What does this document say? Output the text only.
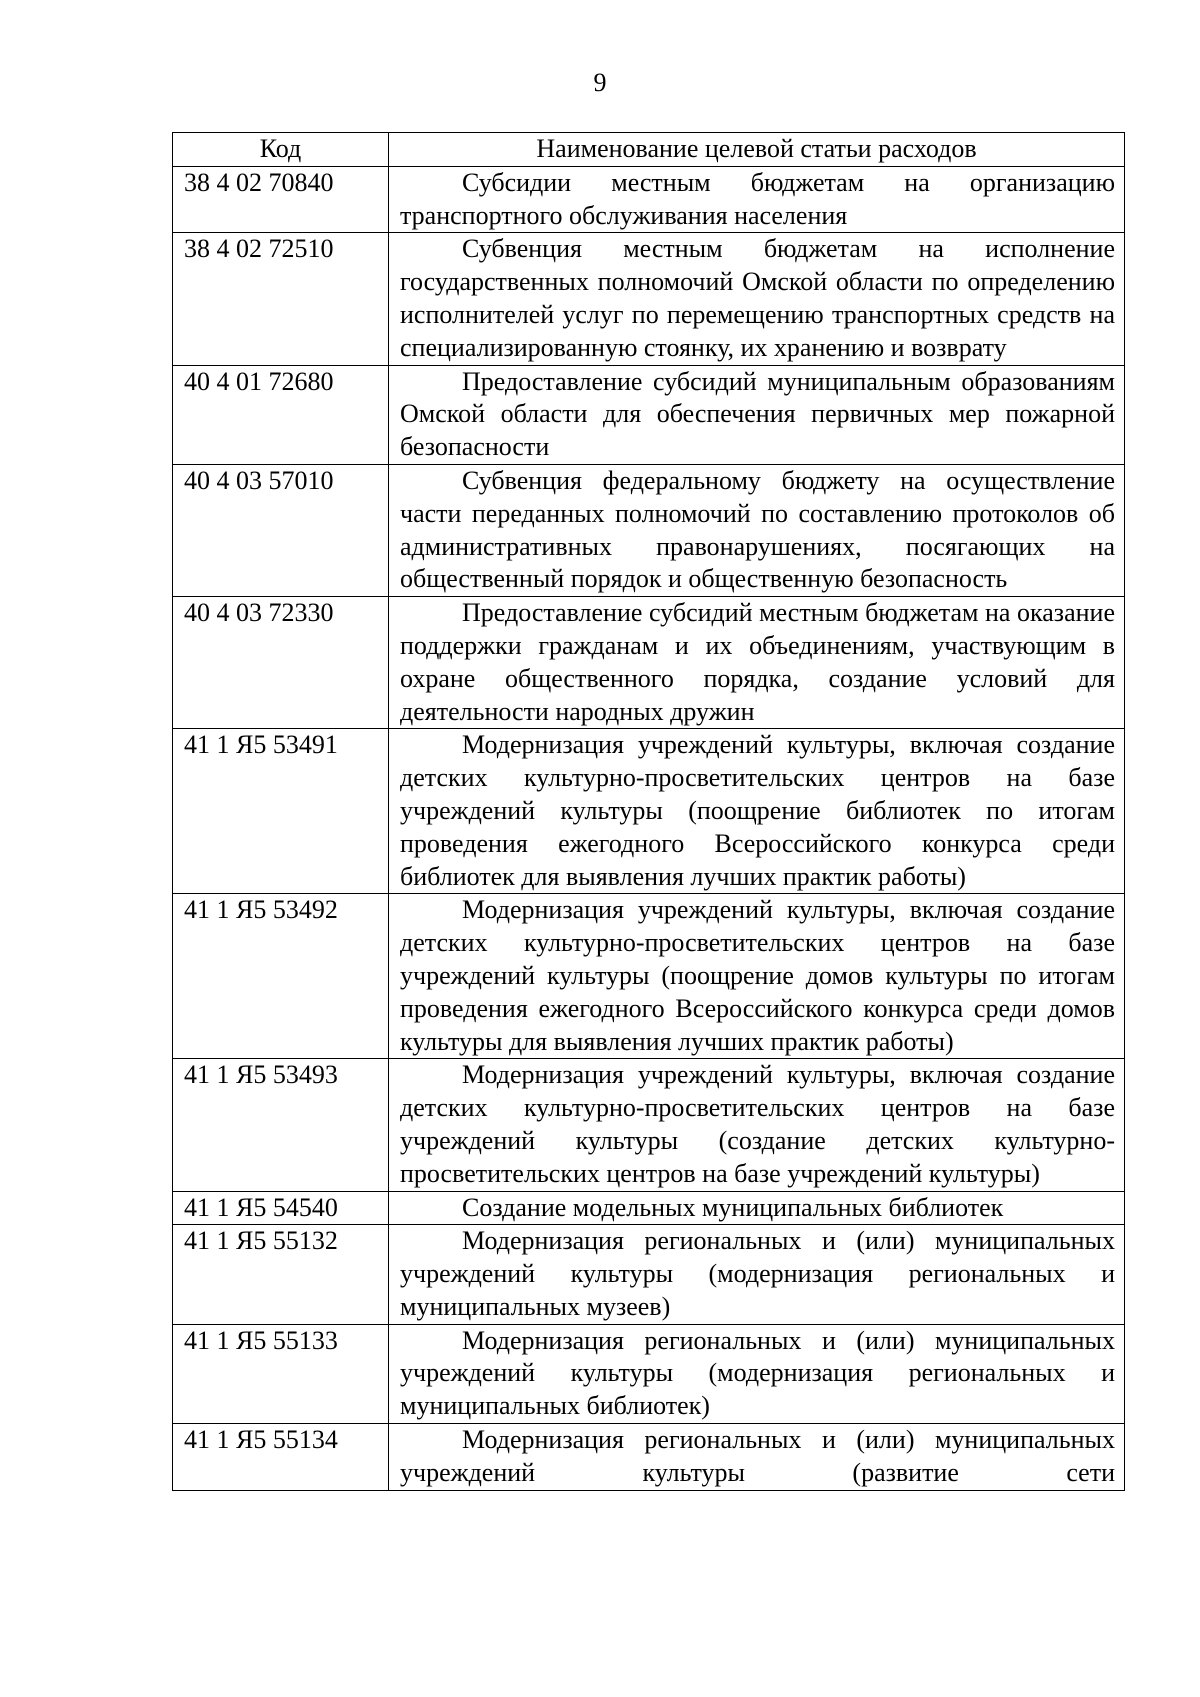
9
Код	Наименование целевой статьи расходов
38 4 02 70840	Субсидии местным бюджетам на организацию транспортного обслуживания населения
38 4 02 72510	Субвенция местным бюджетам на исполнение государственных полномочий Омской области по определению исполнителей услуг по перемещению транспортных средств на специализированную стоянку, их хранению и возврату
40 4 01 72680	Предоставление субсидий муниципальным образованиям Омской области для обеспечения первичных мер пожарной безопасности
40 4 03 57010	Субвенция федеральному бюджету на осуществление части переданных полномочий по составлению протоколов об административных правонарушениях, посягающих на общественный порядок и общественную безопасность
40 4 03 72330	Предоставление субсидий местным бюджетам на оказание поддержки гражданам и их объединениям, участвующим в охране общественного порядка, создание условий для деятельности народных дружин
41 1 Я5 53491	Модернизация учреждений культуры, включая создание детских культурно-просветительских центров на базе учреждений культуры (поощрение библиотек по итогам проведения ежегодного Всероссийского конкурса среди библиотек для выявления лучших практик работы)
41 1 Я5 53492	Модернизация учреждений культуры, включая создание детских культурно-просветительских центров на базе учреждений культуры (поощрение домов культуры по итогам проведения ежегодного Всероссийского конкурса среди домов культуры для выявления лучших практик работы)
41 1 Я5 53493	Модернизация учреждений культуры, включая создание детских культурно-просветительских центров на базе учреждений культуры (создание детских культурно-просветительских центров на базе учреждений культуры)
41 1 Я5 54540	Создание модельных муниципальных библиотек
41 1 Я5 55132	Модернизация региональных и (или) муниципальных учреждений культуры (модернизация региональных и муниципальных музеев)
41 1 Я5 55133	Модернизация региональных и (или) муниципальных учреждений культуры (модернизация региональных и муниципальных библиотек)
41 1 Я5 55134	Модернизация региональных и (или) муниципальных учреждений культуры (развитие сети
